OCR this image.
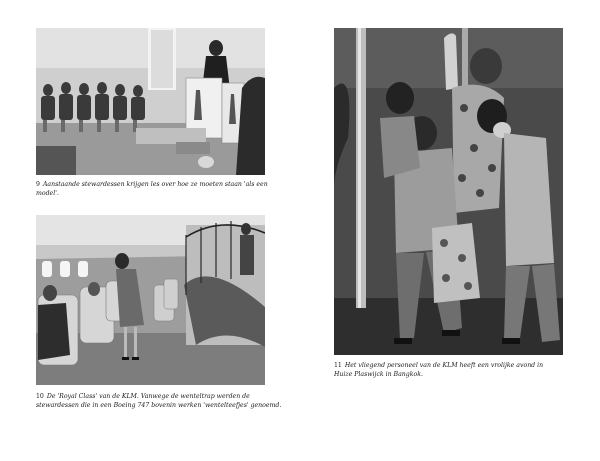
9 Aanstaande stewardessen krijgen les over hoe ze moeten staan 'als een
model'.
10 De 'Royal Class' van de KLM. Vanwege de wenteltrap werden de
stewardessen die in een Boeing 747 bovenin werken 'wentelteefjes' genoemd.
11 Het vliegend personeel van de KLM heeft een vrolijke avond in
Huize Plaswijck in Bangkok.
